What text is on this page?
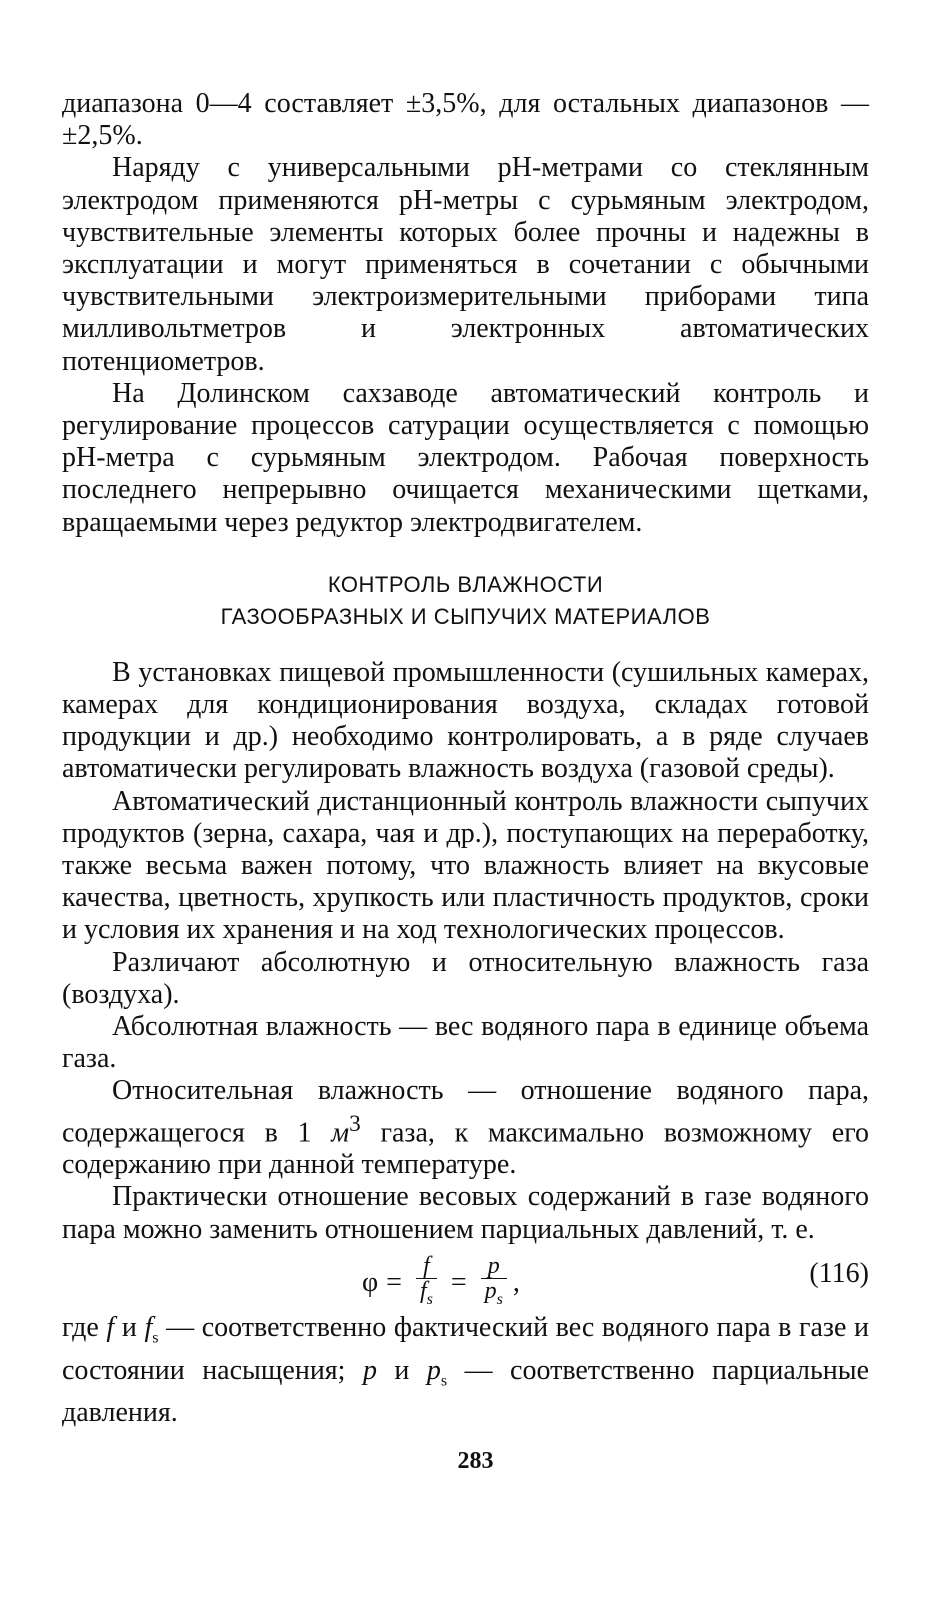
диапазона 0—4 составляет ±3,5%, для остальных диапазонов — ±2,5%.

Наряду с универсальными pH-метрами со стеклянным электродом применяются pH-метры с сурьмяным электродом, чувствительные элементы которых более прочны и надежны в эксплуатации и могут применяться в сочетании с обычными чувствительными электроизмерительными приборами типа милливольтметров и электронных автоматических потенциометров.

На Долинском сахзаводе автоматический контроль и регулирование процессов сатурации осуществляется с помощью pH-метра с сурьмяным электродом. Рабочая поверхность последнего непрерывно очищается механическими щетками, вращаемыми через редуктор электродвигателем.

КОНТРОЛЬ ВЛАЖНОСТИ
ГАЗООБРАЗНЫХ И СЫПУЧИХ МАТЕРИАЛОВ

В установках пищевой промышленности (сушильных камерах, камерах для кондиционирования воздуха, складах готовой продукции и др.) необходимо контролировать, а в ряде случаев автоматически регулировать влажность воздуха (газовой среды).

Автоматический дистанционный контроль влажности сыпучих продуктов (зерна, сахара, чая и др.), поступающих на переработку, также весьма важен потому, что влажность влияет на вкусовые качества, цветность, хрупкость или пластичность продуктов, сроки и условия их хранения и на ход технологических процессов.

Различают абсолютную и относительную влажность газа (воздуха).

Абсолютная влажность — вес водяного пара в единице объема газа.

Относительная влажность — отношение водяного пара, содержащегося в 1 $м^3$ газа, к максимально возможному его содержанию при данной температуре.

Практически отношение весовых содержаний в газе водяного пара можно заменить отношением парциальных давлений, т. е.

$\varphi = \frac{f}{f_s} = \frac{p}{p_s}$ ,	(116)

где f и $f_s$ — соответственно фактический вес водяного пара в газе и состоянии насыщения; p и $p_s$ — соответственно парциальные давления.

283
